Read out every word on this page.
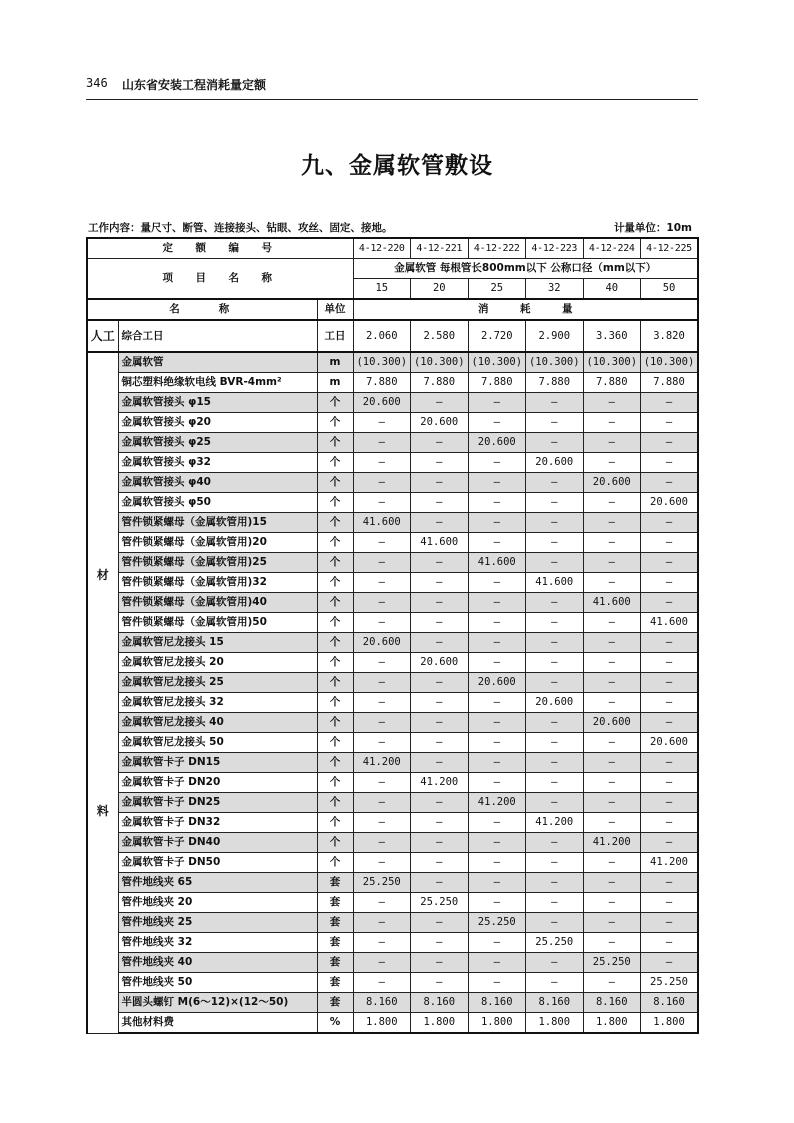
346 山东省安装工程消耗量定额
九、金属软管敷设
工作内容：量尺寸、断管、连接接头、钻眼、攻丝、固定、接地。	计量单位：10m
定　额　编　号			4-12-220	4-12-221	4-12-222	4-12-223	4-12-224	4-12-225
项　目　名　称			金属软管 每根管长800mm以下 公称口径（mm以下）					
			15	20	25	32	40	50
名　　称		单位	消　　　耗　　　量					
人工	综合工日	工日	2.060	2.580	2.720	2.900	3.360	3.820

材
料	金属软管	m	(10.300)	(10.300)	(10.300)	(10.300)	(10.300)	(10.300)
	铜芯塑料绝缘软电线 BVR-4mm²	m	7.880	7.880	7.880	7.880	7.880	7.880
	金属软管接头 φ15	个	20.600	—	—	—	—	—
	金属软管接头 φ20	个	—	20.600	—	—	—	—
	金属软管接头 φ25	个	—	—	20.600	—	—	—
	金属软管接头 φ32	个	—	—	—	20.600	—	—
	金属软管接头 φ40	个	—	—	—	—	20.600	—
	金属软管接头 φ50	个	—	—	—	—	—	20.600
	管件锁紧螺母（金属软管用)15	个	41.600	—	—	—	—	—
	管件锁紧螺母（金属软管用)20	个	—	41.600	—	—	—	—
	管件锁紧螺母（金属软管用)25	个	—	—	41.600	—	—	—
	管件锁紧螺母（金属软管用)32	个	—	—	—	41.600	—	—
	管件锁紧螺母（金属软管用)40	个	—	—	—	—	41.600	—
	管件锁紧螺母（金属软管用)50	个	—	—	—	—	—	41.600
	金属软管尼龙接头 15	个	20.600	—	—	—	—	—
	金属软管尼龙接头 20	个	—	20.600	—	—	—	—
	金属软管尼龙接头 25	个	—	—	20.600	—	—	—
	金属软管尼龙接头 32	个	—	—	—	20.600	—	—
	金属软管尼龙接头 40	个	—	—	—	—	20.600	—
	金属软管尼龙接头 50	个	—	—	—	—	—	20.600
	金属软管卡子 DN15	个	41.200	—	—	—	—	—
	金属软管卡子 DN20	个	—	41.200	—	—	—	—
	金属软管卡子 DN25	个	—	—	41.200	—	—	—
	金属软管卡子 DN32	个	—	—	—	41.200	—	—
	金属软管卡子 DN40	个	—	—	—	—	41.200	—
	金属软管卡子 DN50	个	—	—	—	—	—	41.200
	管件地线夹 65	套	25.250	—	—	—	—	—
	管件地线夹 20	套	—	25.250	—	—	—	—
	管件地线夹 25	套	—	—	25.250	—	—	—
	管件地线夹 32	套	—	—	—	25.250	—	—
	管件地线夹 40	套	—	—	—	—	25.250	—
	管件地线夹 50	套	—	—	—	—	—	25.250
	半圆头螺钉 M(6～12)×(12～50)	套	8.160	8.160	8.160	8.160	8.160	8.160
	其他材料费	%	1.800	1.800	1.800	1.800	1.800	1.800
